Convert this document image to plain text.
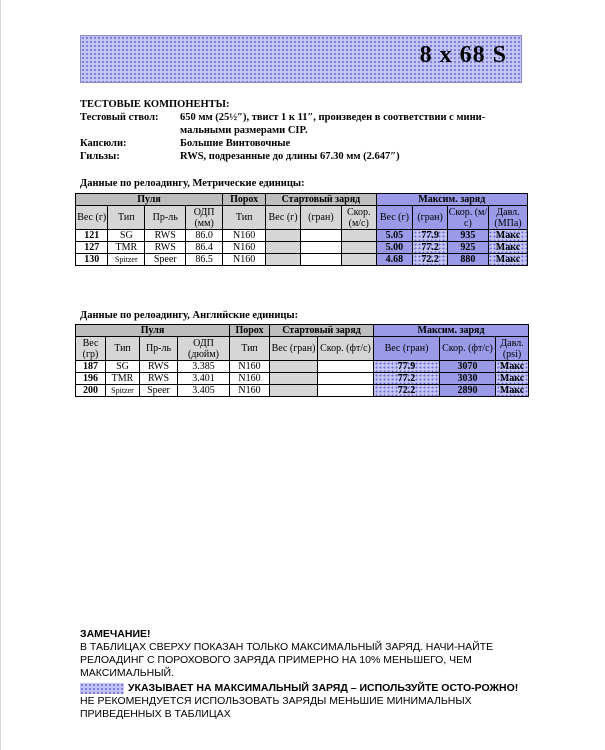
8 x 68 S
ТЕСТОВЫЕ КОМПОНЕНТЫ:
Тестовый ствол:	650 мм (25½″), твист 1 к 11″, произведен в соответствии с мини-мальными размерами CIP.
Капсюли:	Большие Винтовочные
Гильзы:	RWS, подрезанные до длины 67.30 мм (2.647″)
Данные по релоадингу, Метрические единицы:
Пуля				Порох	Стартовый заряд			Максим. заряд			
Вес (г)	Тип	Пр-ль	ОДП (мм)	Тип	Вес (г)	(гран)	Скор. (м/с)	Вес (г)	(гран)	Скор. (м/с)	Давл. (МПа)
121	SG	RWS	86.0	N160				5.05	77.9	935	Макс
127	TMR	RWS	86.4	N160				5.00	77.2	925	Макс
130	Spitzer	Speer	86.5	N160				4.68	72.2	880	Макс
Данные по релоадингу, Английские единицы:
Пуля				Порох	Стартовый заряд		Максим. заряд		
Вес (гр)	Тип	Пр-ль	ОДП (дюйм)	Тип	Вес (гран)	Скор. (фт/с)	Вес (гран)	Скор. (фт/с)	Давл. (psi)
187	SG	RWS	3.385	N160			77.9	3070	Макс
196	TMR	RWS	3.401	N160			77.2	3030	Макс
200	Spitzer	Speer	3.405	N160			72.2	2890	Макс

ЗАМЕЧАНИЕ!

В ТАБЛИЦАХ СВЕРХУ ПОКАЗАН ТОЛЬКО МАКСИМАЛЬНЫЙ ЗАРЯД. НАЧИ-НАЙТЕ РЕЛОАДИНГ С ПОРОХОВОГО ЗАРЯДА ПРИМЕРНО НА 10% МЕНЬШЕГО, ЧЕМ МАКСИМАЛЬНЫЙ.

УКАЗЫВАЕТ НА МАКСИМАЛЬНЫЙ ЗАРЯД – ИСПОЛЬЗУЙТЕ ОСТО-РОЖНО!

НЕ РЕКОМЕНДУЕТСЯ ИСПОЛЬЗОВАТЬ ЗАРЯДЫ МЕНЬШИЕ МИНИМАЛЬНЫХ ПРИВЕДЕННЫХ В ТАБЛИЦАХ
